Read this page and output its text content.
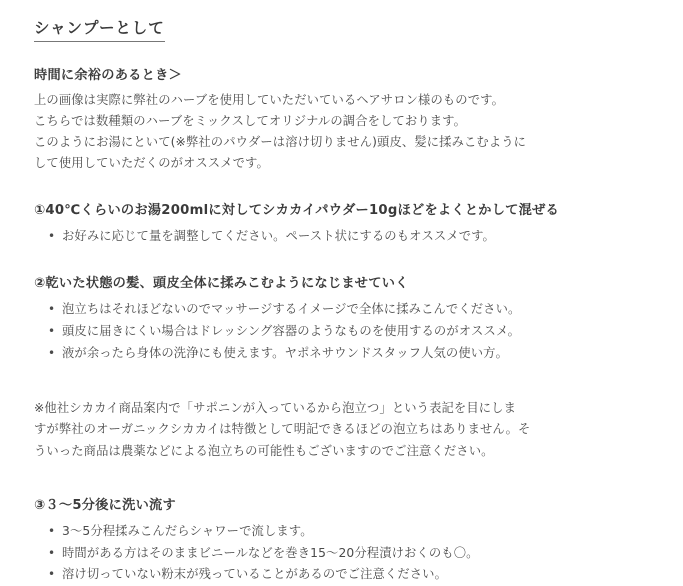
シャンプーとして
時間に余裕のあるとき＞

上の画像は実際に弊社のハーブを使用していただいているヘアサロン様のものです。

こちらでは数種類のハーブをミックスしてオリジナルの調合をしております。

このようにお湯にといて(※弊社のパウダーは溶け切りません)頭皮、髪に揉みこむように

して使用していただくのがオススメです。

①40℃くらいのお湯200mlに対してシカカイパウダー10gほどをよくとかして混ぜる
• お好みに応じて量を調整してください。ペースト状にするのもオススメです。
②乾いた状態の髪、頭皮全体に揉みこむようになじませていく
• 泡立ちはそれほどないのでマッサージするイメージで全体に揉みこんでください。
• 頭皮に届きにくい場合はドレッシング容器のようなものを使用するのがオススメ。
• 液が余ったら身体の洗浄にも使えます。ヤポネサウンドスタッフ人気の使い方。

※他社シカカイ商品案内で「サポニンが入っているから泡立つ」という表記を目にしま

すが弊社のオーガニックシカカイは特徴として明記できるほどの泡立ちはありません。そ

ういった商品は農薬などによる泡立ちの可能性もございますのでご注意ください。

③３〜5分後に洗い流す
• 3〜5分程揉みこんだらシャワーで流します。
• 時間がある方はそのままビニールなどを巻き15〜20分程漬けおくのも〇。
• 溶け切っていない粉末が残っていることがあるのでご注意ください。
